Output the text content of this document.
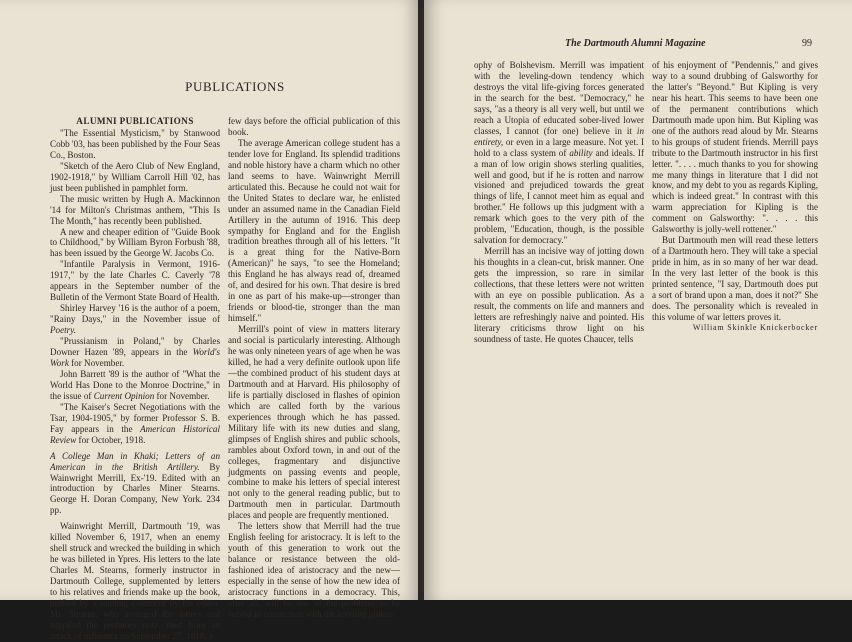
PUBLICATIONS
ALUMNI PUBLICATIONS

"The Essential Mysticism," by Stanwood Cobb '03, has been published by the Four Seas Co., Boston.

"Sketch of the Aero Club of New England, 1902-1918," by William Carroll Hill '02, has just been published in pamphlet form.

The music written by Hugh A. Mackinnon '14 for Milton's Christmas anthem, "This Is The Month," has recently been published.

A new and cheaper edition of "Guide Book to Childhood," by William Byron Forbush '88, has been issued by the George W. Jacobs Co.

"Infantile Paralysis in Vermont, 1916-1917," by the late Charles C. Caverly '78 appears in the September number of the Bulletin of the Vermont State Board of Health.

Shirley Harvey '16 is the author of a poem, "Rainy Days," in the November issue of Poetry.

"Prussianism in Poland," by Charles Downer Hazen '89, appears in the World's Work for November.

John Barrett '89 is the author of "What the World Has Done to the Monroe Doctrine," in the issue of Current Opinion for November.

"The Kaiser's Secret Negotiations with the Tsar, 1904-1905," by former Professor S. B. Fay appears in the American Historical Review for October, 1918.

A College Man in Khaki; Letters of an American in the British Artillery. By Wainwright Merrill, Ex-'19. Edited with an introduction by Charles Miner Stearns. George H. Doran Company, New York. 234 pp.

Wainwright Merrill, Dartmouth '19, was killed November 6, 1917, when an enemy shell struck and wrecked the building in which he was billeted in Ypres. His letters to the late Charles M. Stearns, formerly instructor in Dartmouth College, supplemented by letters to his relatives and friends make up the book, unified by a running comment by the editor. Mr. Stearns, who arranged the letters and supplied the prefatory note, died from an attack of influenza on September 27, 1918, a

few days before the official publication of this book.

The average American college student has a tender love for England. Its splendid traditions and noble history have a charm which no other land seems to have. Wainwright Merrill articulated this. Because he could not wait for the United States to declare war, he enlisted under an assumed name in the Canadian Field Artillery in the autumn of 1916. This deep sympathy for England and for the English tradition breathes through all of his letters. "It is a great thing for the Native-Born (American)" he says, "to see the Homeland; this England he has always read of, dreamed of, and desired for his own. That desire is bred in one as part of his make-up—stronger than friends or blood-tie, stronger than the man himself."

Merrill's point of view in matters literary and social is particularly interesting. Although he was only nineteen years of age when he was killed, he had a very definite outlook upon life—the combined product of his student days at Dartmouth and at Harvard. His philosophy of life is partially disclosed in flashes of opinion which are called forth by the various experiences through which he has passed. Military life with its new duties and slang, glimpses of English shires and public schools, rambles about Oxford town, in and out of the colleges, fragmentary and disjunctive judgments on passing events and people, combine to make his letters of special interest not only to the general reading public, but to Dartmouth men in particular. Dartmouth places and people are frequently mentioned.

The letters show that Merrill had the true English feeling for aristocracy. It is left to the youth of this generation to work out the balance or resistance between the old-fashioned idea of aristocracy and the new—especially in the sense of how the new idea of aristocracy functions in a democracy. This, after all, will be one of the problems to be solved in connection with the leveling philos-

The Dartmouth Alumni Magazine	99

ophy of Bolshevism. Merrill was impatient with the leveling-down tendency which destroys the vital life-giving forces generated in the search for the best. "Democracy," he says, "as a theory is all very well, but until we reach a Utopia of educated sober-lived lower classes, I cannot (for one) believe in it in entirety, or even in a large measure. Not yet. I hold to a class system of ability and ideals. If a man of low origin shows sterling qualities, well and good, but if he is rotten and narrow visioned and prejudiced towards the great things of life, I cannot meet him as equal and brother." He follows up this judgment with a remark which goes to the very pith of the problem, "Education, though, is the possible salvation for democracy."

Merrill has an incisive way of jotting down his thoughts in a clean-cut, brisk manner. One gets the impression, so rare in similar collections, that these letters were not written with an eye on possible publication. As a result, the comments on life and manners and letters are refreshingly naive and pointed. His literary criticisms throw light on his soundness of taste. He quotes Chaucer, tells

of his enjoyment of "Pendennis," and gives way to a sound drubbing of Galsworthy for the latter's "Beyond." But Kipling is very near his heart. This seems to have been one of the permanent contributions which Dartmouth made upon him. But Kipling was one of the authors read aloud by Mr. Stearns to his groups of student friends. Merrill pays tribute to the Dartmouth instructor in his first letter. ". . . . much thanks to you for showing me many things in literature that I did not know, and my debt to you as regards Kipling, which is indeed great." In contrast with this warm appreciation for Kipling is the comment on Galsworthy: ". . . . this Galsworthy is jolly-well rottener."

But Dartmouth men will read these letters of a Dartmouth hero. They will take a special pride in him, as in so many of her war dead. In the very last letter of the book is this printed sentence, "I say, Dartmouth does put a sort of brand upon a man, does it not?" She does. The personality which is revealed in this volume of war letters proves it.

William Skinkle Knickerbocker
